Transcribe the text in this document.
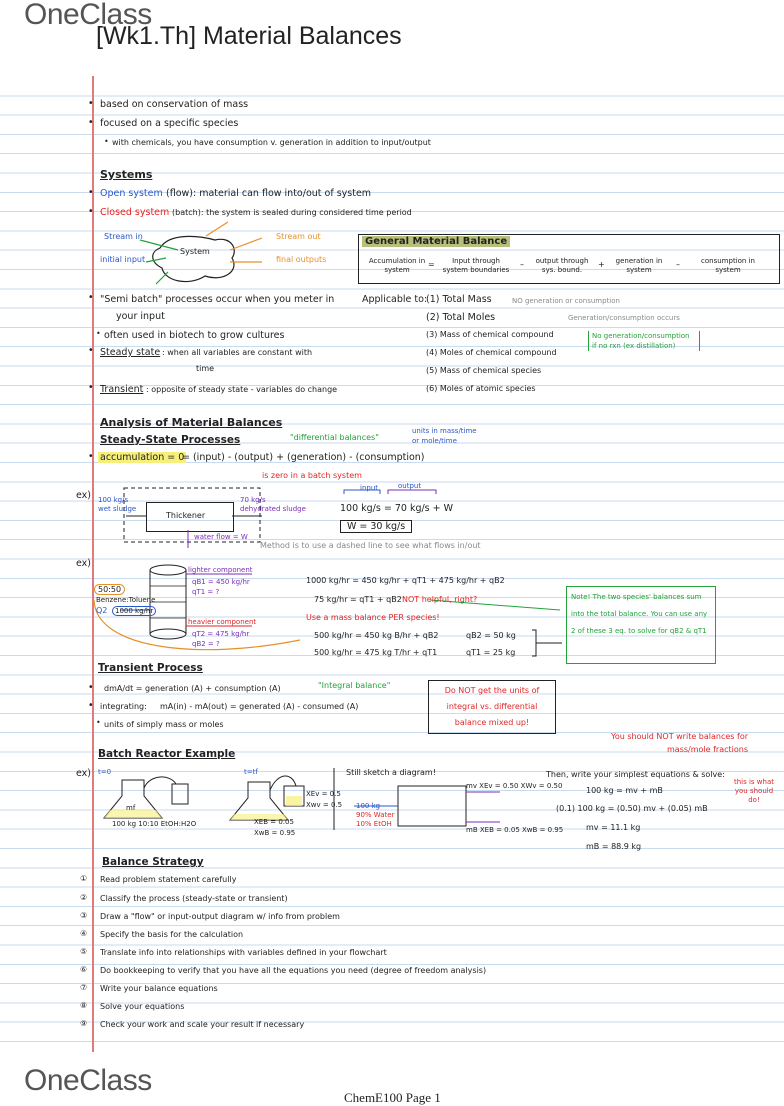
OneClass
[Wk1.Th] Material Balances
• based on conservation of mass
• focused on a specific species
• with chemicals, you have consumption v. generation in addition to input/output
Systems
• Open system (flow): material can flow into/out of system
• Closed system (batch): the system is sealed during considered time period
Stream in
initial input
System
Stream out
final outputs
• "Semi batch" processes occur when you meter in
your input
• often used in biotech to grow cultures
• Steady state : when all variables are constant with
time
• Transient : opposite of steady state - variables do change
General Material Balance
Accumulation in system
=	Input through system boundaries
–	output through sys. bound.
+	generation in system
–	consumption in system
Applicable to:
(1) Total Mass
(2) Total Moles
(3) Mass of chemical compound
(4) Moles of chemical compound
(5) Mass of chemical species
(6) Moles of atomic species
NO generation or consumption
Generation/consumption occurs
No generation/consumption if no rxn (ex distillation)
Analysis of Material Balances
Steady-State Processes	"differential balances"
units in mass/time or mole/time
• accumulation = 0
= (input) - (output) + (generation) - (consumption)
is zero in a batch system
ex) 100 kg/s
wet sludge
Thickener
70 kg/s
dehydrated sludge
water flow = W
input	output
100 kg/s = 70 kg/s + W
W = 30 kg/s
Method is to use a dashed line to see what flows in/out
ex)
50:50
Benzene:Toluene
Q2	1000 kg/hr
lighter component
qB1 = 450 kg/hr
qT1 = ?
heavier component
qT2 = 475 kg/hr
qB2 = ?
1000 kg/hr = 450 kg/hr + qT1 + 475 kg/hr + qB2
75 kg/hr = qT1 + qB2 NOT helpful, right?
Use a mass balance PER species!
500 kg/hr = 450 kg B/hr + qB2
500 kg/hr = 475 kg T/hr + qT1
qB2 = 50 kg
qT1 = 25 kg
Note! The two species' balances sum into the total balance. You can use any 2 of these 3 eq. to solve for qB2 & qT1
Transient Process
• dmA/dt = generation (A) + consumption (A)	"Integral balance"
• integrating: mA(in) - mA(out) = generated (A) - consumed (A)
• units of simply mass or moles
Do NOT get the units of integral vs. differential balance mixed up!
Batch Reactor Example
ex) t=0	t=tf
mf
100 kg 10:10 EtOH:H2O
XEv = 0.5
Xwv = 0.5
XEB = 0.05
XwB = 0.95
Still sketch a diagram!
100 kg
90% Water
10% EtOH
mv XEv = 0.50 XWv = 0.50
mB XEB = 0.05 XwB = 0.95
You should NOT write balances for mass/mole fractions
Then, write your simplest equations & solve:
100 kg = mv + mB
(0.1) 100 kg = (0.50) mv + (0.05) mB
mv = 11.1 kg
mB = 88.9 kg
this is what you should do!
Balance Strategy
① Read problem statement carefully
② Classify the process (steady-state or transient)
③ Draw a "flow" or input-output diagram w/ info from problem
④ Specify the basis for the calculation
⑤ Translate info into relationships with variables defined in your flowchart
⑥ Do bookkeeping to verify that you have all the equations you need (degree of freedom analysis)
⑦ Write your balance equations
⑧ Solve your equations
⑨ Check your work and scale your result if necessary
OneClass
ChemE100 Page 1
